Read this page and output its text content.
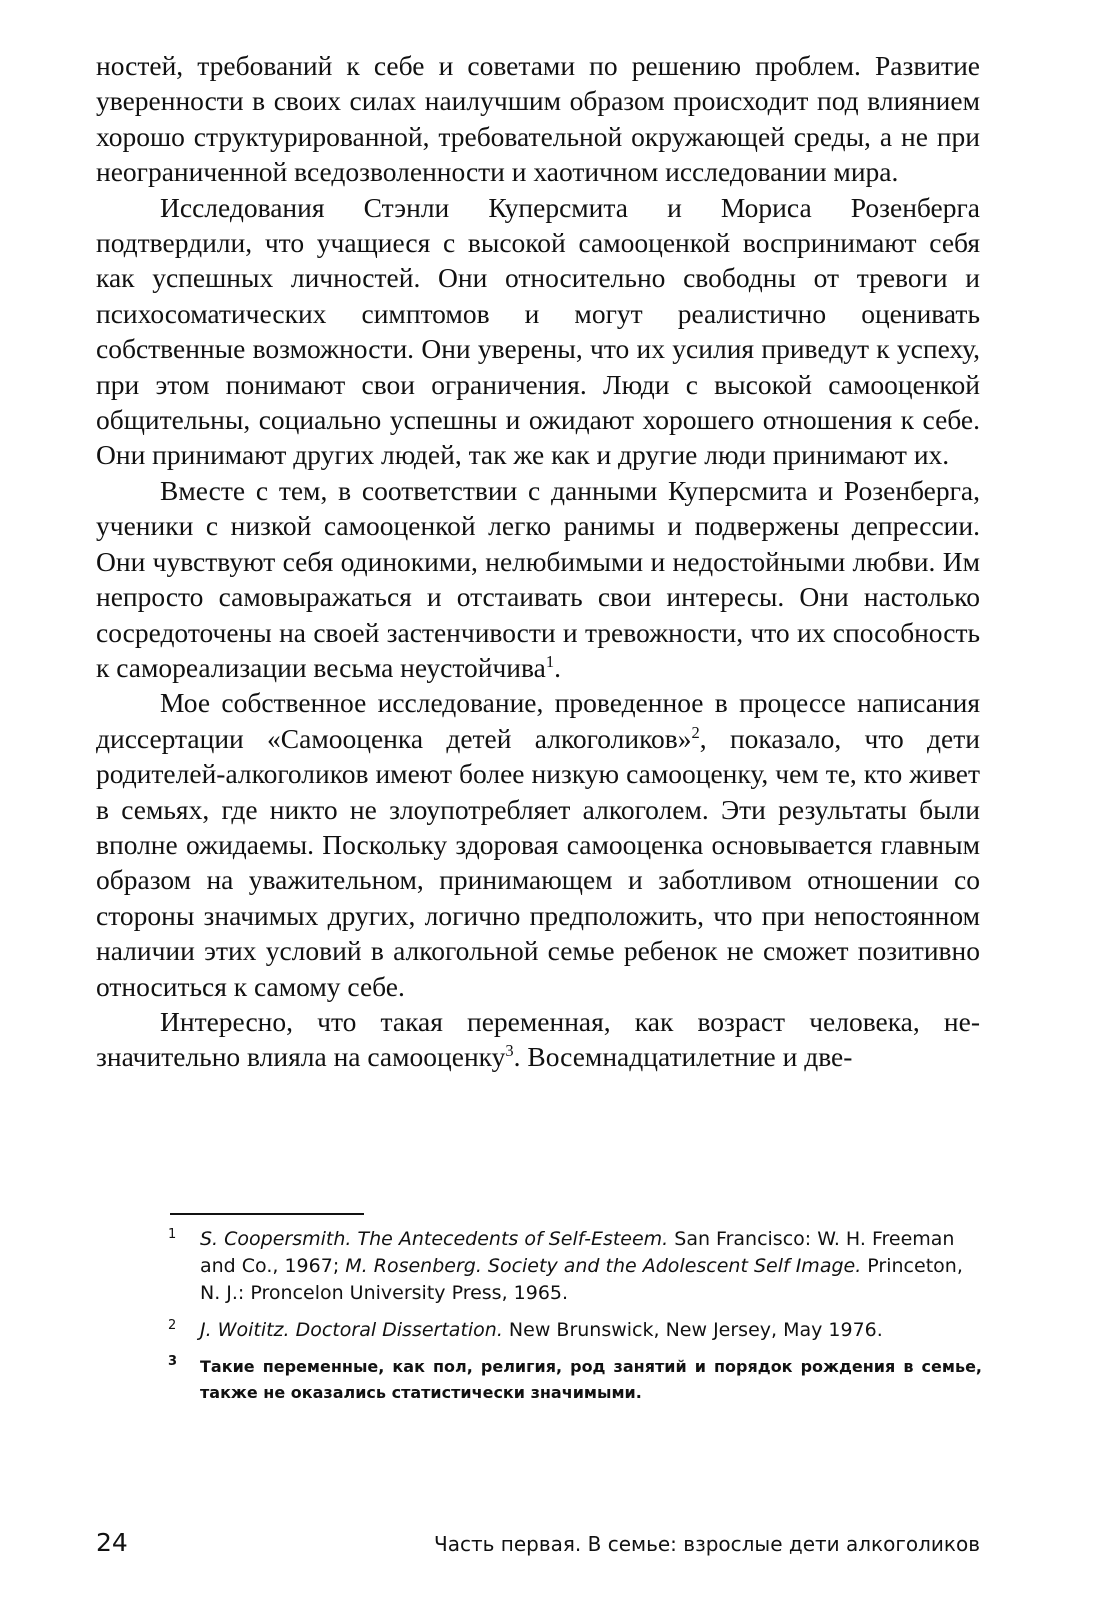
ностей, требований к себе и советами по решению проблем. Развитие уверенности в своих силах наилучшим образом происходит под влиянием хорошо структурированной, требовательной окружающей среды, а не при неограниченной вседозволенности и хаотичном исследовании мира.

Исследования Стэнли Куперсмита и Мориса Розенберга подтвердили, что учащиеся с высокой самооценкой воспринимают себя как успешных личностей. Они относительно свободны от тревоги и психосоматических симптомов и могут реалистично оценивать собственные возможности. Они уверены, что их усилия приведут к успеху, при этом понимают свои ограничения. Люди с высокой самооценкой общительны, социально успешны и ожидают хорошего отношения к себе. Они принимают других людей, так же как и другие люди принимают их.

Вместе с тем, в соответствии с данными Куперсмита и Розенберга, ученики с низкой самооценкой легко ранимы и подвержены депрессии. Они чувствуют себя одинокими, нелюбимыми и недостойными любви. Им непросто самовыражаться и отстаивать свои интересы. Они настолько сосредоточены на своей застенчивости и тревожности, что их способность к самореализации весьма неустойчива$^1$.

Мое собственное исследование, проведенное в процессе написания диссертации «Самооценка детей алкоголиков»$^2$, показало, что дети родителей-алкоголиков имеют более низкую самооценку, чем те, кто живет в семьях, где никто не злоупотребляет алкоголем. Эти результаты были вполне ожидаемы. Поскольку здоровая самооценка основывается главным образом на уважительном, принимающем и заботливом отношении со стороны значимых других, логично предположить, что при непостоянном наличии этих условий в алкогольной семье ребенок не сможет позитивно относиться к самому себе.

Интересно, что такая переменная, как возраст человека, незначительно влияла на самооценку$^3$. Восемнадцатилетние и две-

1 S. Coopersmith. The Antecedents of Self-Esteem. San Francisco: W. H. Freeman and Co., 1967; M. Rosenberg. Society and the Adolescent Self Image. Princeton, N. J.: Proncelon University Press, 1965.
2 J. Woititz. Doctoral Dissertation. New Brunswick, New Jersey, May 1976.
3 Такие переменные, как пол, религия, род занятий и порядок рождения в семье, также не оказались статистически значимыми.
24	Часть первая. В семье: взрослые дети алкоголиков
